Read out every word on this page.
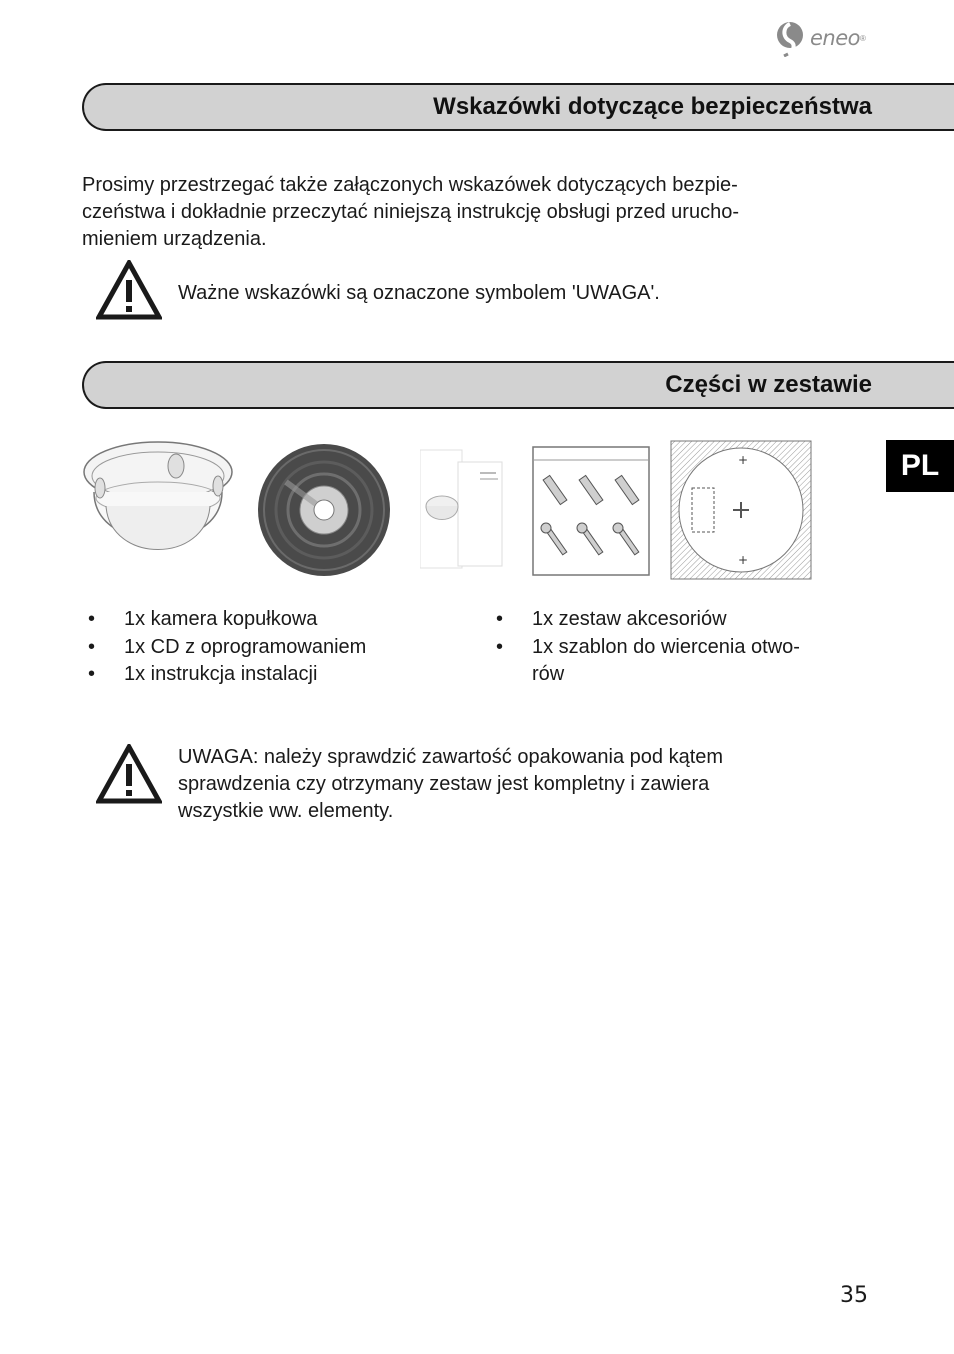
eneo ®
Wskazówki dotyczące bezpieczeństwa
Prosimy przestrzegać także załączonych wskazówek dotyczących bezpie-
czeństwa i dokładnie przeczytać niniejszą instrukcję obsługi przed urucho-
mieniem urządzenia.
Ważne wskazówki są oznaczone symbolem 'UWAGA'.
Części w zestawie
PL
+
+
• 1x kamera kopułkowa
• 1x CD z oprogramowaniem
• 1x instrukcja instalacji
• 1x zestaw akcesoriów
• 1x szablon do wiercenia otwo-
rów
UWAGA: należy sprawdzić zawartość opakowania pod kątem
sprawdzenia czy otrzymany zestaw jest kompletny i zawiera
wszystkie ww. elementy.
35
